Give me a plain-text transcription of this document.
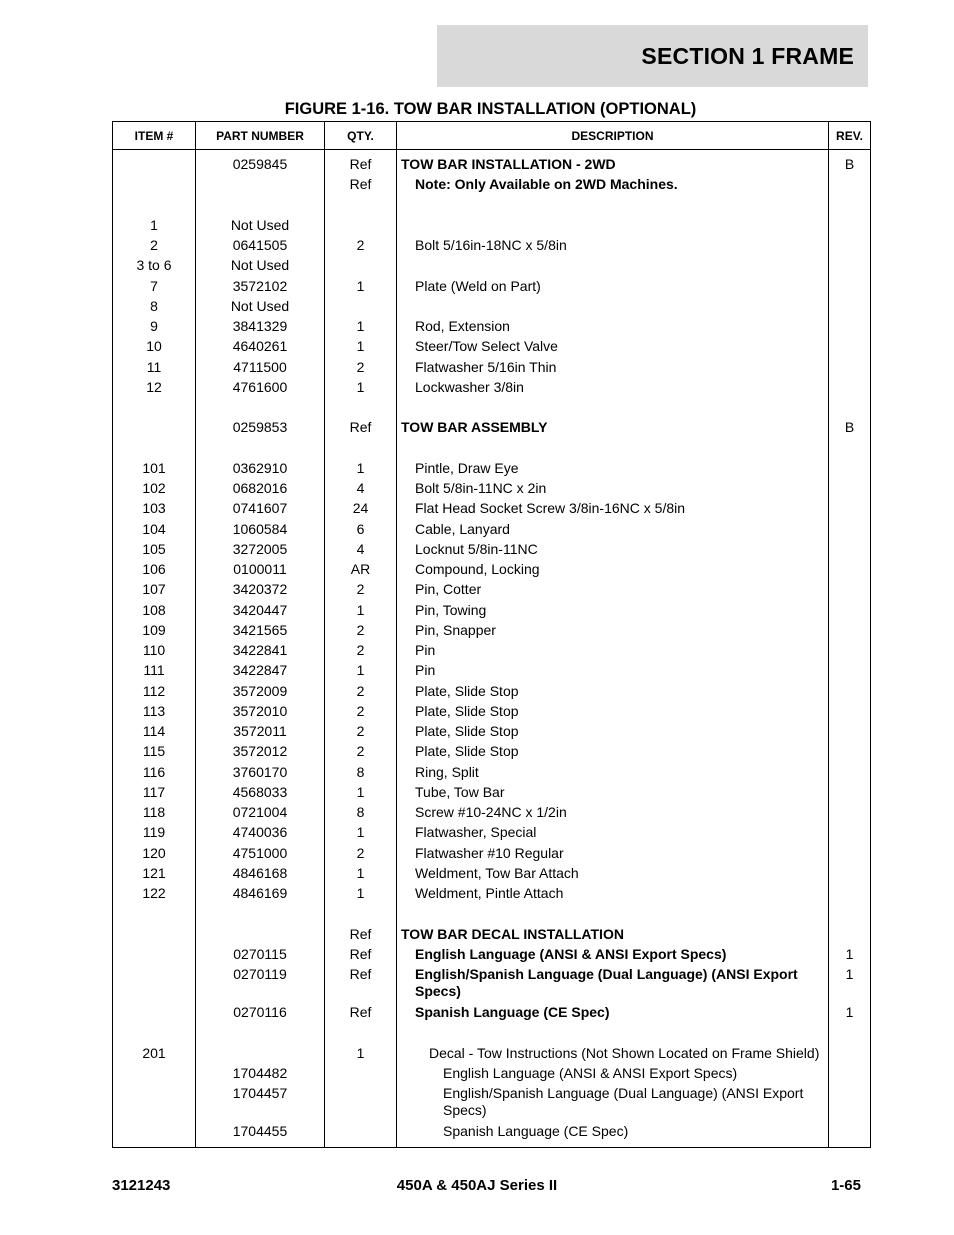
SECTION 1 FRAME
FIGURE 1-16. TOW BAR INSTALLATION (OPTIONAL)
ITEM #	PART NUMBER	QTY.	DESCRIPTION	REV.
	0259845	Ref	TOW BAR INSTALLATION - 2WD	B
		Ref	Note: Only Available on 2WD Machines.	

1	Not Used			
2	0641505	2	Bolt 5/16in-18NC x 5/8in	
3 to 6	Not Used			
7	3572102	1	Plate (Weld on Part)	
8	Not Used			
9	3841329	1	Rod, Extension	
10	4640261	1	Steer/Tow Select Valve	
11	4711500	2	Flatwasher 5/16in Thin	
12	4761600	1	Lockwasher 3/8in	

	0259853	Ref	TOW BAR ASSEMBLY	B

101	0362910	1	Pintle, Draw Eye	
102	0682016	4	Bolt 5/8in-11NC x 2in	
103	0741607	24	Flat Head Socket Screw 3/8in-16NC x 5/8in	
104	1060584	6	Cable, Lanyard	
105	3272005	4	Locknut 5/8in-11NC	
106	0100011	AR	Compound, Locking	
107	3420372	2	Pin, Cotter	
108	3420447	1	Pin, Towing	
109	3421565	2	Pin, Snapper	
110	3422841	2	Pin	
111	3422847	1	Pin	
112	3572009	2	Plate, Slide Stop	
113	3572010	2	Plate, Slide Stop	
114	3572011	2	Plate, Slide Stop	
115	3572012	2	Plate, Slide Stop	
116	3760170	8	Ring, Split	
117	4568033	1	Tube, Tow Bar	
118	0721004	8	Screw #10-24NC x 1/2in	
119	4740036	1	Flatwasher, Special	
120	4751000	2	Flatwasher #10 Regular	
121	4846168	1	Weldment, Tow Bar Attach	
122	4846169	1	Weldment, Pintle Attach	

		Ref	TOW BAR DECAL INSTALLATION	
	0270115	Ref	English Language (ANSI & ANSI Export Specs)	1
	0270119	Ref	English/Spanish Language (Dual Language) (ANSI Export Specs)	1
	0270116	Ref	Spanish Language (CE Spec)	1

201		1	Decal - Tow Instructions (Not Shown Located on Frame Shield)	
	1704482		English Language (ANSI & ANSI Export Specs)	
	1704457		English/Spanish Language (Dual Language) (ANSI Export Specs)	
	1704455		Spanish Language (CE Spec)	
3121243	450A & 450AJ Series II	1-65
